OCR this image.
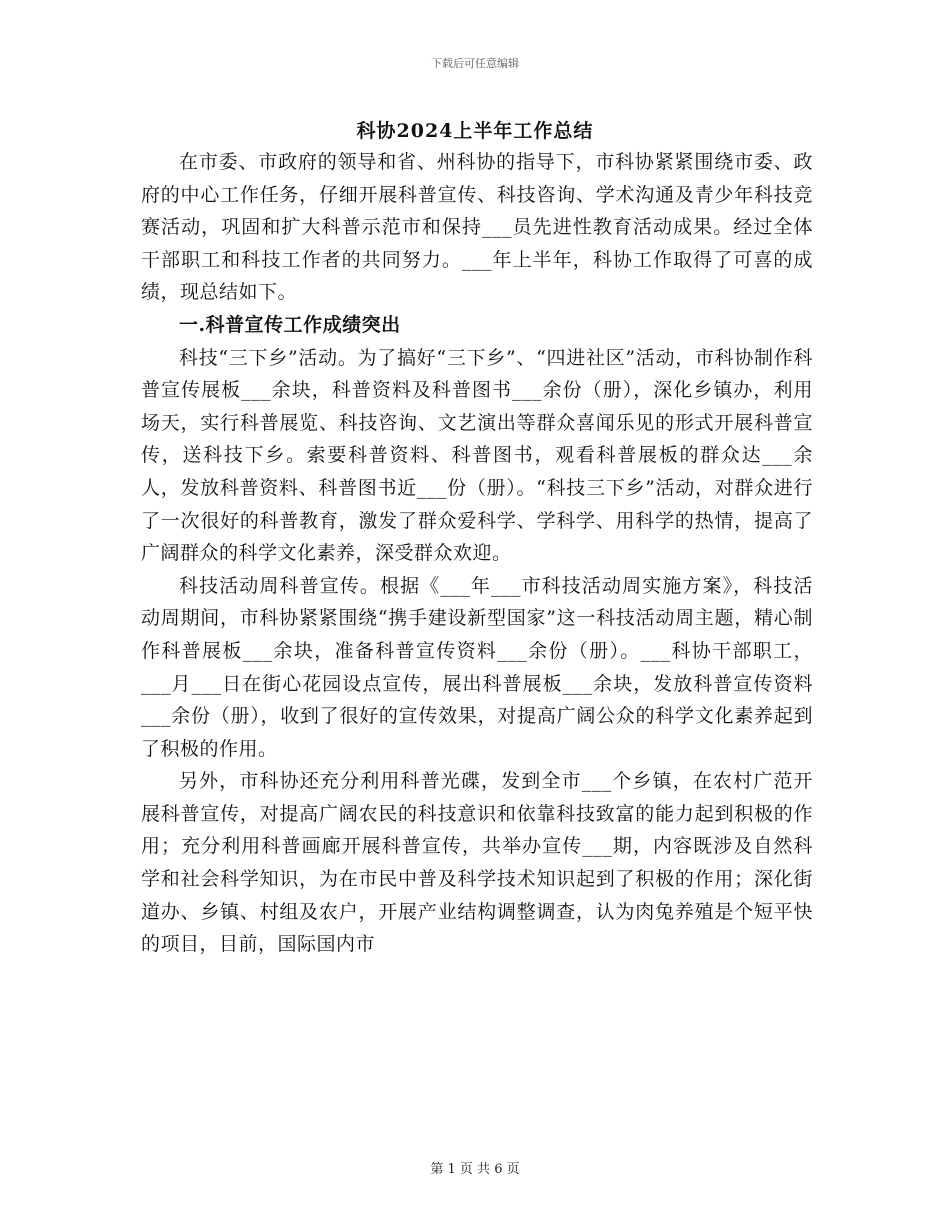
下载后可任意编辑
科协2024上半年工作总结

在市委、市政府的领导和省、州科协的指导下，市科协紧紧围绕市委、政府的中心工作任务，仔细开展科普宣传、科技咨询、学术沟通及青少年科技竞赛活动，巩固和扩大科普示范市和保持___员先进性教育活动成果。经过全体干部职工和科技工作者的共同努力。___年上半年，科协工作取得了可喜的成绩，现总结如下。

一.科普宣传工作成绩突出

科技“三下乡”活动。为了搞好“三下乡”、“四进社区”活动，市科协制作科普宣传展板___余块，科普资料及科普图书___余份（册），深化乡镇办，利用场天，实行科普展览、科技咨询、文艺演出等群众喜闻乐见的形式开展科普宣传，送科技下乡。索要科普资料、科普图书，观看科普展板的群众达___余人，发放科普资料、科普图书近___份（册）。“科技三下乡”活动，对群众进行了一次很好的科普教育，激发了群众爱科学、学科学、用科学的热情，提高了广阔群众的科学文化素养，深受群众欢迎。

科技活动周科普宣传。根据《___年___市科技活动周实施方案》，科技活动周期间，市科协紧紧围绕“携手建设新型国家”这一科技活动周主题，精心制作科普展板___余块，准备科普宣传资料___余份（册）。___科协干部职工，___月___日在街心花园设点宣传，展出科普展板___余块，发放科普宣传资料___余份（册），收到了很好的宣传效果，对提高广阔公众的科学文化素养起到了积极的作用。

另外，市科协还充分利用科普光碟，发到全市___个乡镇，在农村广范开展科普宣传，对提高广阔农民的科技意识和依靠科技致富的能力起到积极的作用；充分利用科普画廊开展科普宣传，共举办宣传___期，内容既涉及自然科学和社会科学知识，为在市民中普及科学技术知识起到了积极的作用；深化街道办、乡镇、村组及农户，开展产业结构调整调查，认为肉兔养殖是个短平快的项目，目前，国际国内市

第 1 页 共 6 页
